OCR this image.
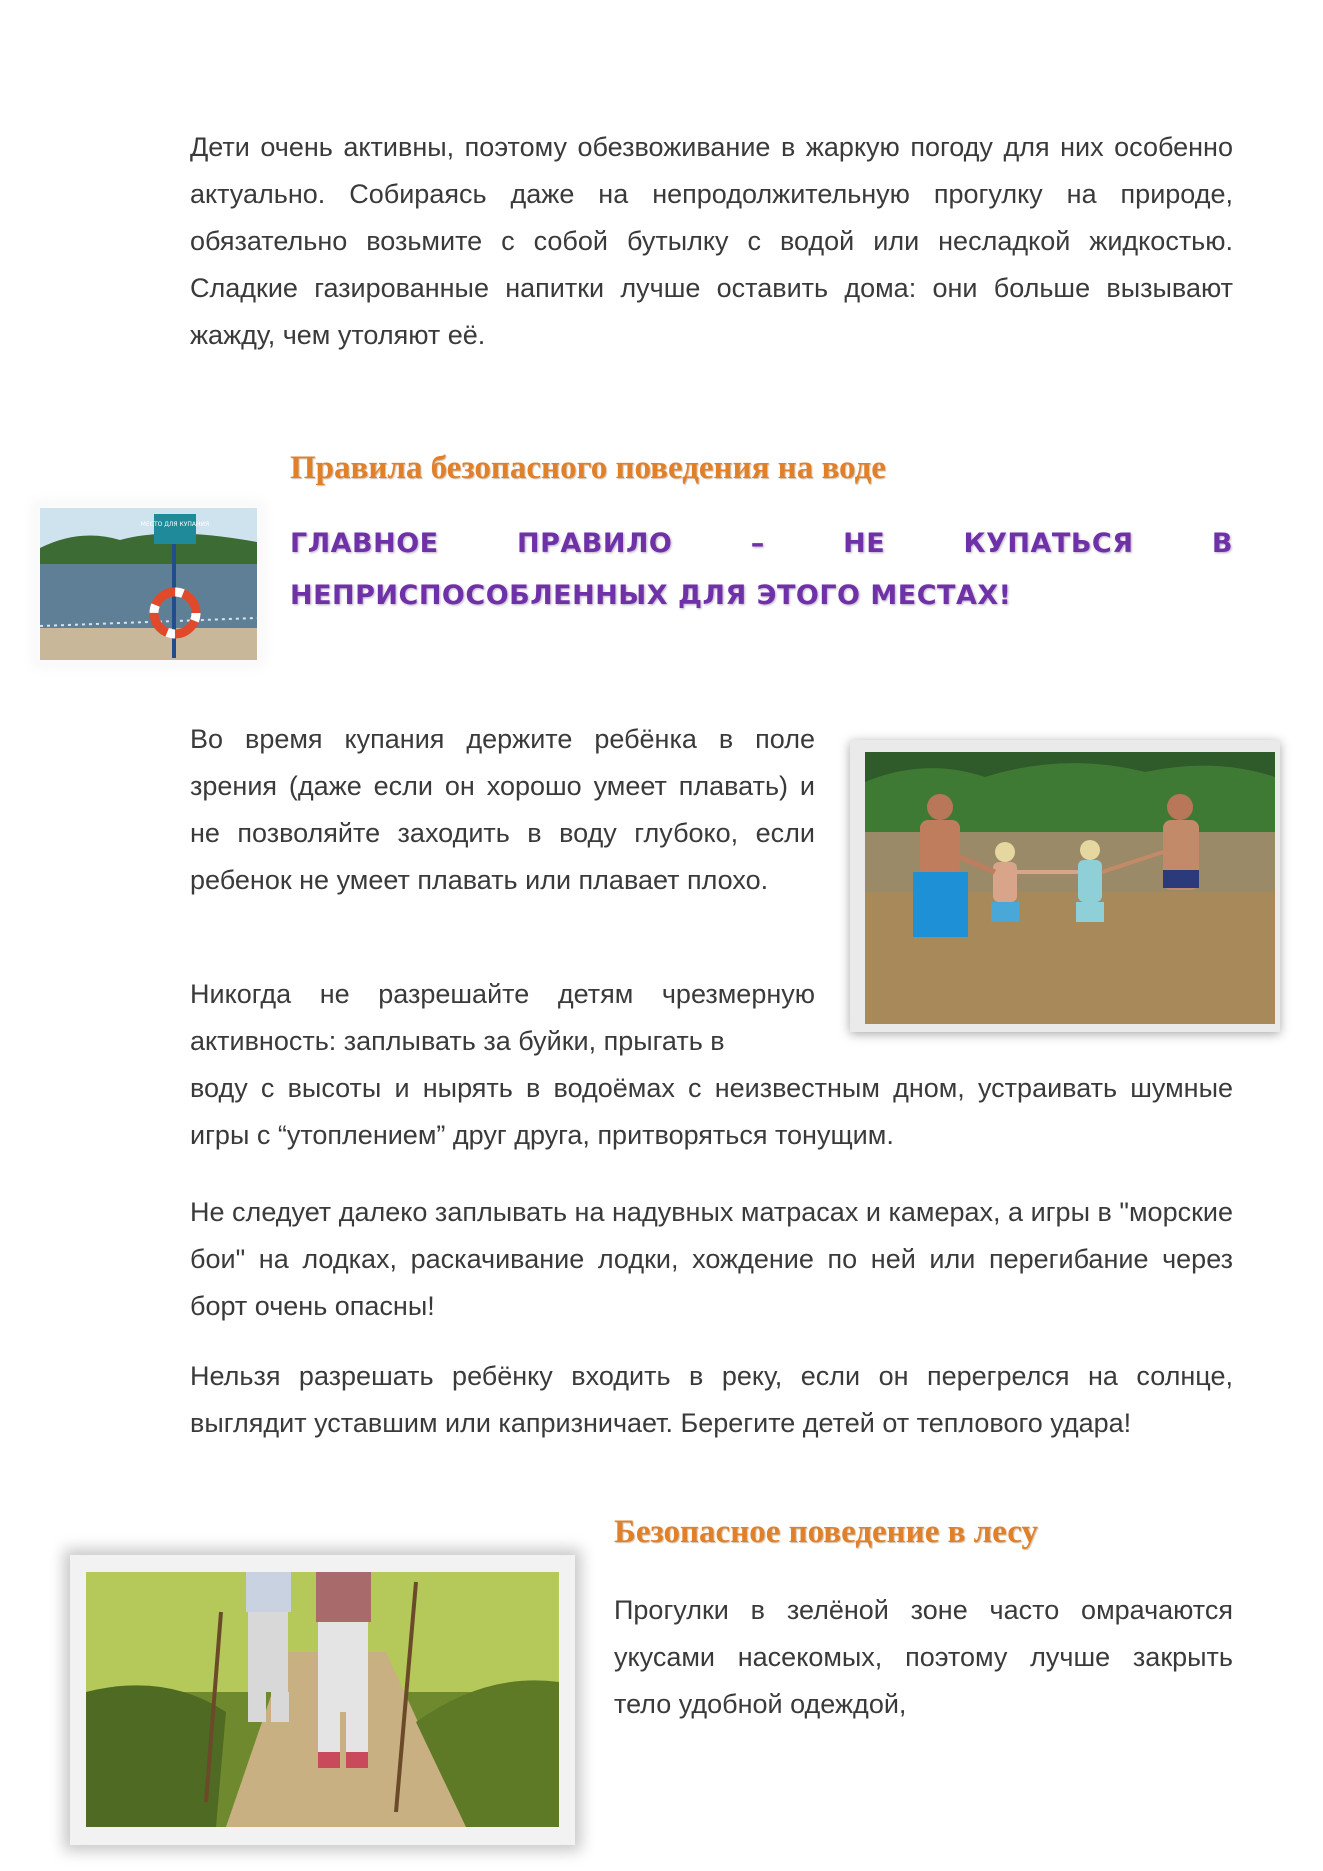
Дети очень активны, поэтому обезвоживание в жаркую погоду для них особенно актуально. Собираясь даже на непродолжительную прогулку на природе, обязательно возьмите с собой бутылку с водой или несладкой жидкостью. Сладкие газированные напитки лучше оставить дома: они больше вызывают жажду, чем утоляют её.

МЕСТО ДЛЯ КУПАНИЯ
Правила безопасного поведения на воде
ГЛАВНОЕ ПРАВИЛО – НЕ КУПАТЬСЯ В НЕПРИСПОСОБЛЕННЫХ ДЛЯ ЭТОГО МЕСТАХ!

Во время купания держите ребёнка в поле зрения (даже если он хорошо умеет плавать) и не позволяйте заходить в воду глубоко, если ребенок не умеет плавать или плавает плохо.

Никогда не разрешайте детям чрезмерную активность: заплывать за буйки, прыгать в

воду с высоты и нырять в водоёмах с неизвестным дном, устраивать шумные игры с “утоплением” друг друга, притворяться тонущим.

Не следует далеко заплывать на надувных матрасах и камерах, а игры в "морские бои" на лодках, раскачивание лодки, хождение по ней или перегибание через борт очень опасны!

Нельзя разрешать ребёнку входить в реку, если он перегрелся на солнце, выглядит уставшим или капризничает. Берегите детей от теплового удара!

Безопасное поведение в лесу

Прогулки в зелёной зоне часто омрачаются укусами насекомых, поэтому лучше закрыть тело удобной одеждой,
